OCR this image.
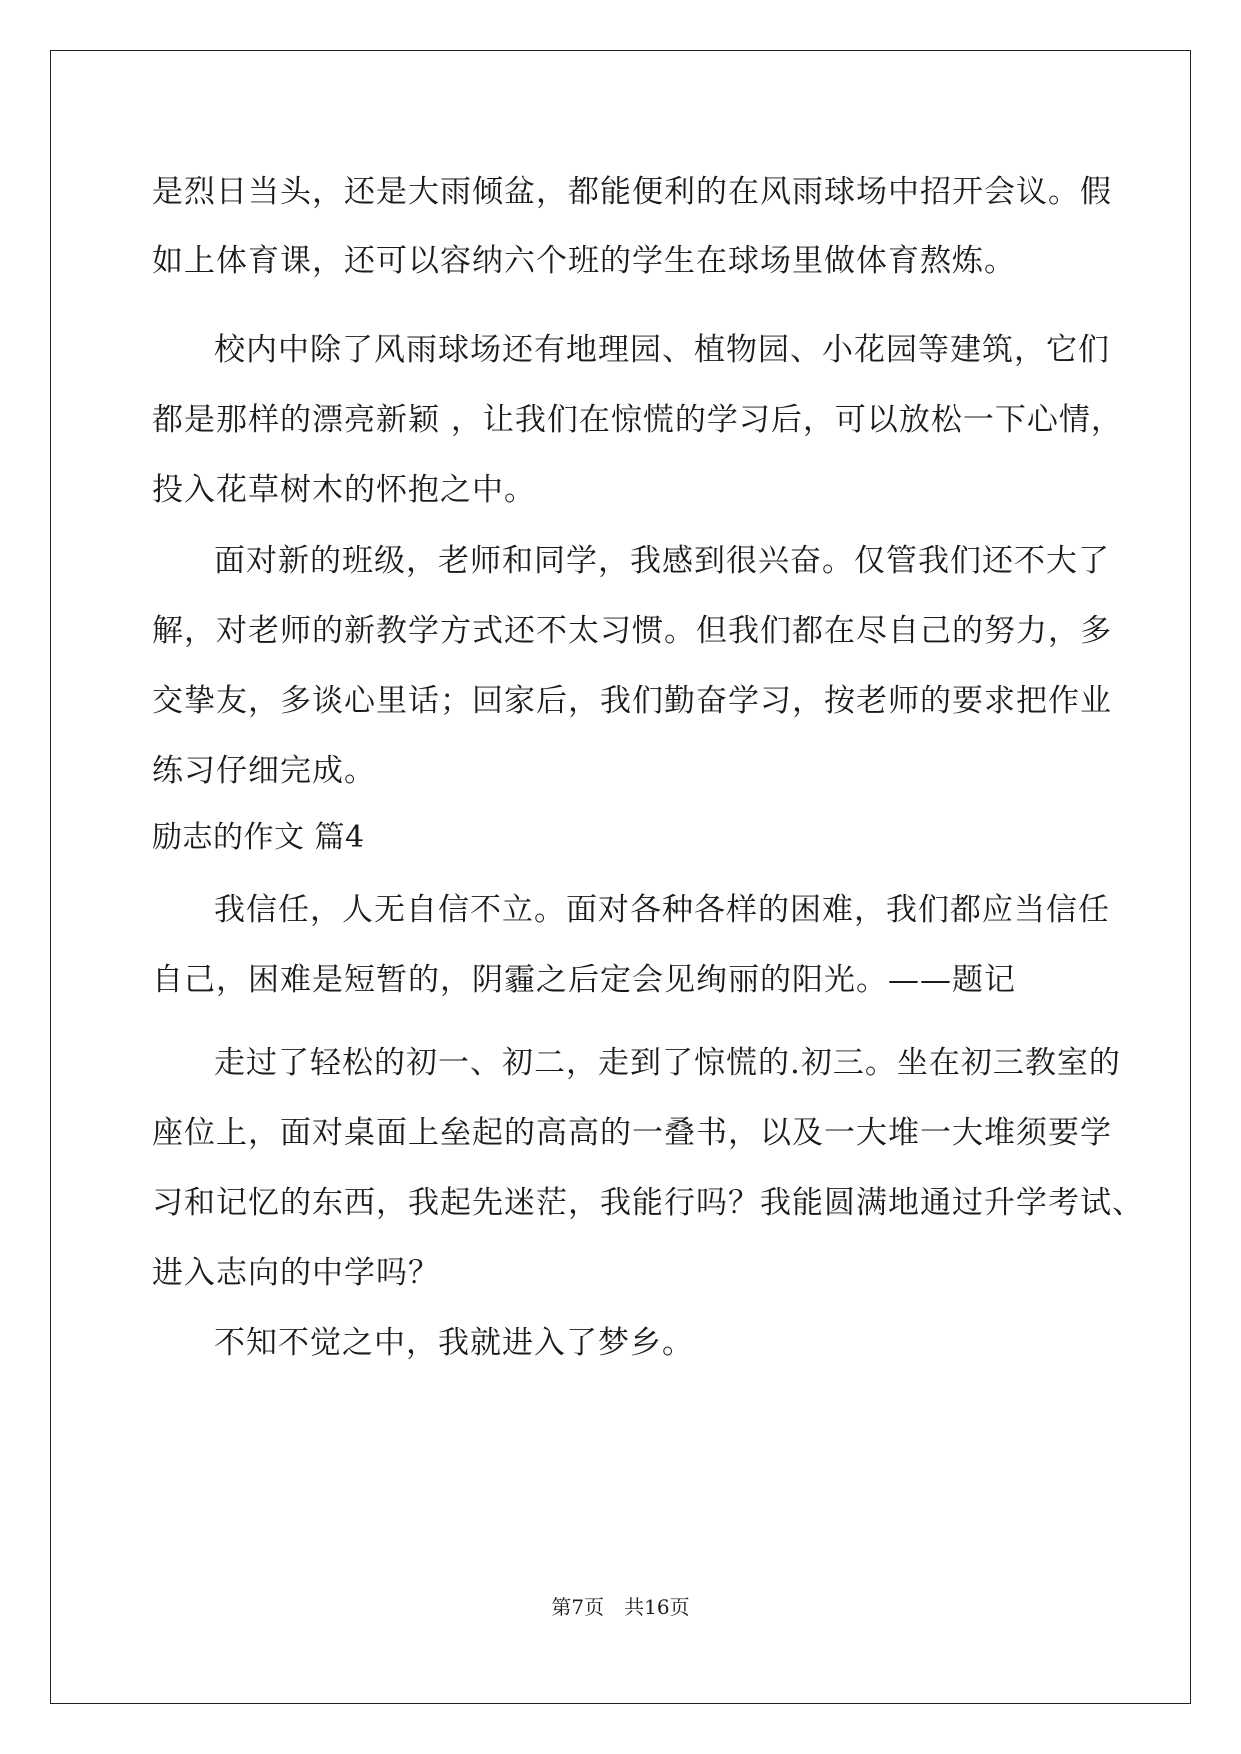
是烈日当头，还是大雨倾盆，都能便利的在风雨球场中招开会议。假
如上体育课，还可以容纳六个班的学生在球场里做体育熬炼。
校内中除了风雨球场还有地理园、植物园、小花园等建筑，它们
都是那样的漂亮新颖 ，让我们在惊慌的学习后，可以放松一下心情，
投入花草树木的怀抱之中。
面对新的班级，老师和同学，我感到很兴奋。仅管我们还不大了
解，对老师的新教学方式还不太习惯。但我们都在尽自己的努力，多
交挚友，多谈心里话；回家后，我们勤奋学习，按老师的要求把作业
练习仔细完成。
励志的作文 篇4
我信任，人无自信不立。面对各种各样的困难，我们都应当信任
自己，困难是短暂的，阴霾之后定会见绚丽的阳光。——题记
走过了轻松的初一、初二，走到了惊慌的.初三。坐在初三教室的
座位上，面对桌面上垒起的高高的一叠书，以及一大堆一大堆须要学
习和记忆的东西，我起先迷茫，我能行吗？我能圆满地通过升学考试、
进入志向的中学吗？
不知不觉之中，我就进入了梦乡。
第7页　共16页
